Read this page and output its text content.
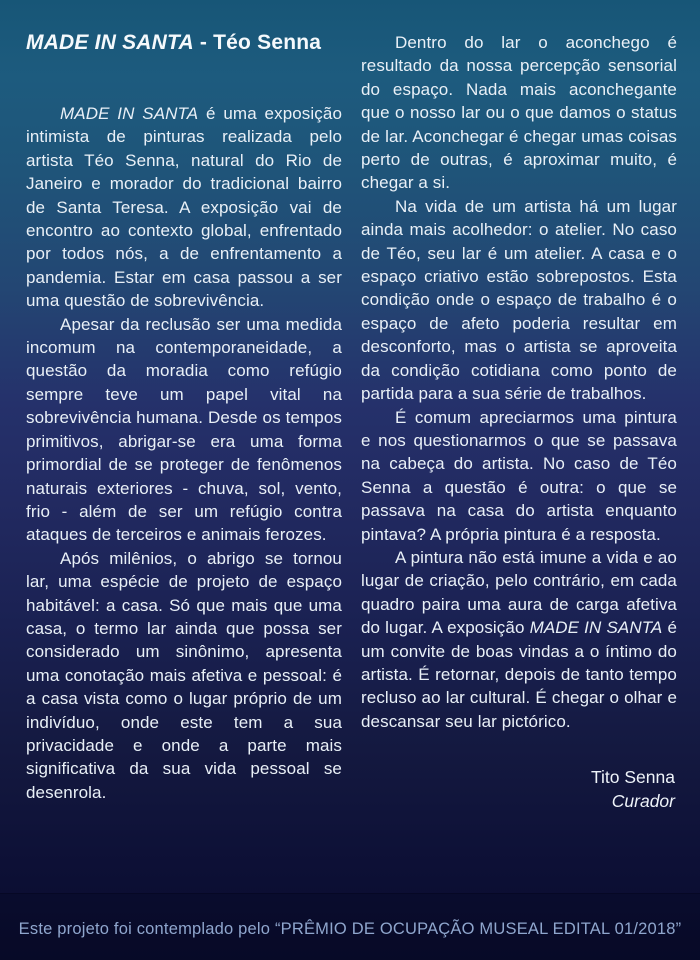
MADE IN SANTA - Téo Senna

MADE IN SANTA é uma exposição intimista de pinturas realizada pelo artista Téo Senna, natural do Rio de Janeiro e morador do tradicional bairro de Santa Teresa. A exposição vai de encontro ao contexto global, enfrentado por todos nós, a de enfrentamento a pandemia. Estar em casa passou a ser uma questão de sobrevivência.

Apesar da reclusão ser uma medida incomum na contemporaneidade, a questão da moradia como refúgio sempre teve um papel vital na sobrevivência humana. Desde os tempos primitivos, abrigar-se era uma forma primordial de se proteger de fenômenos naturais exteriores - chuva, sol, vento, frio - além de ser um refúgio contra ataques de terceiros e animais ferozes.

Após milênios, o abrigo se tornou lar, uma espécie de projeto de espaço habitável: a casa. Só que mais que uma casa, o termo lar ainda que possa ser considerado um sinônimo, apresenta uma conotação mais afetiva e pessoal: é a casa vista como o lugar próprio de um indivíduo, onde este tem a sua privacidade e onde a parte mais significativa da sua vida pessoal se desenrola.

Dentro do lar o aconchego é resultado da nossa percepção sensorial do espaço. Nada mais aconchegante que o nosso lar ou o que damos o status de lar. Aconchegar é chegar umas coisas perto de outras, é aproximar muito, é chegar a si.

Na vida de um artista há um lugar ainda mais acolhedor: o atelier. No caso de Téo, seu lar é um atelier. A casa e o espaço criativo estão sobrepostos. Esta condição onde o espaço de trabalho é o espaço de afeto poderia resultar em desconforto, mas o artista se aproveita da condição cotidiana como ponto de partida para a sua série de trabalhos.

É comum apreciarmos uma pintura e nos questionarmos o que se passava na cabeça do artista. No caso de Téo Senna a questão é outra: o que se passava na casa do artista enquanto pintava? A própria pintura é a resposta.

A pintura não está imune a vida e ao lugar de criação, pelo contrário, em cada quadro paira uma aura de carga afetiva do lugar. A exposição MADE IN SANTA é um convite de boas vindas a o íntimo do artista. É retornar, depois de tanto tempo recluso ao lar cultural. É chegar o olhar e descansar seu lar pictórico.

Tito Senna
Curador
Este projeto foi contemplado pelo “PRÊMIO DE OCUPAÇÃO MUSEAL EDITAL 01/2018”
